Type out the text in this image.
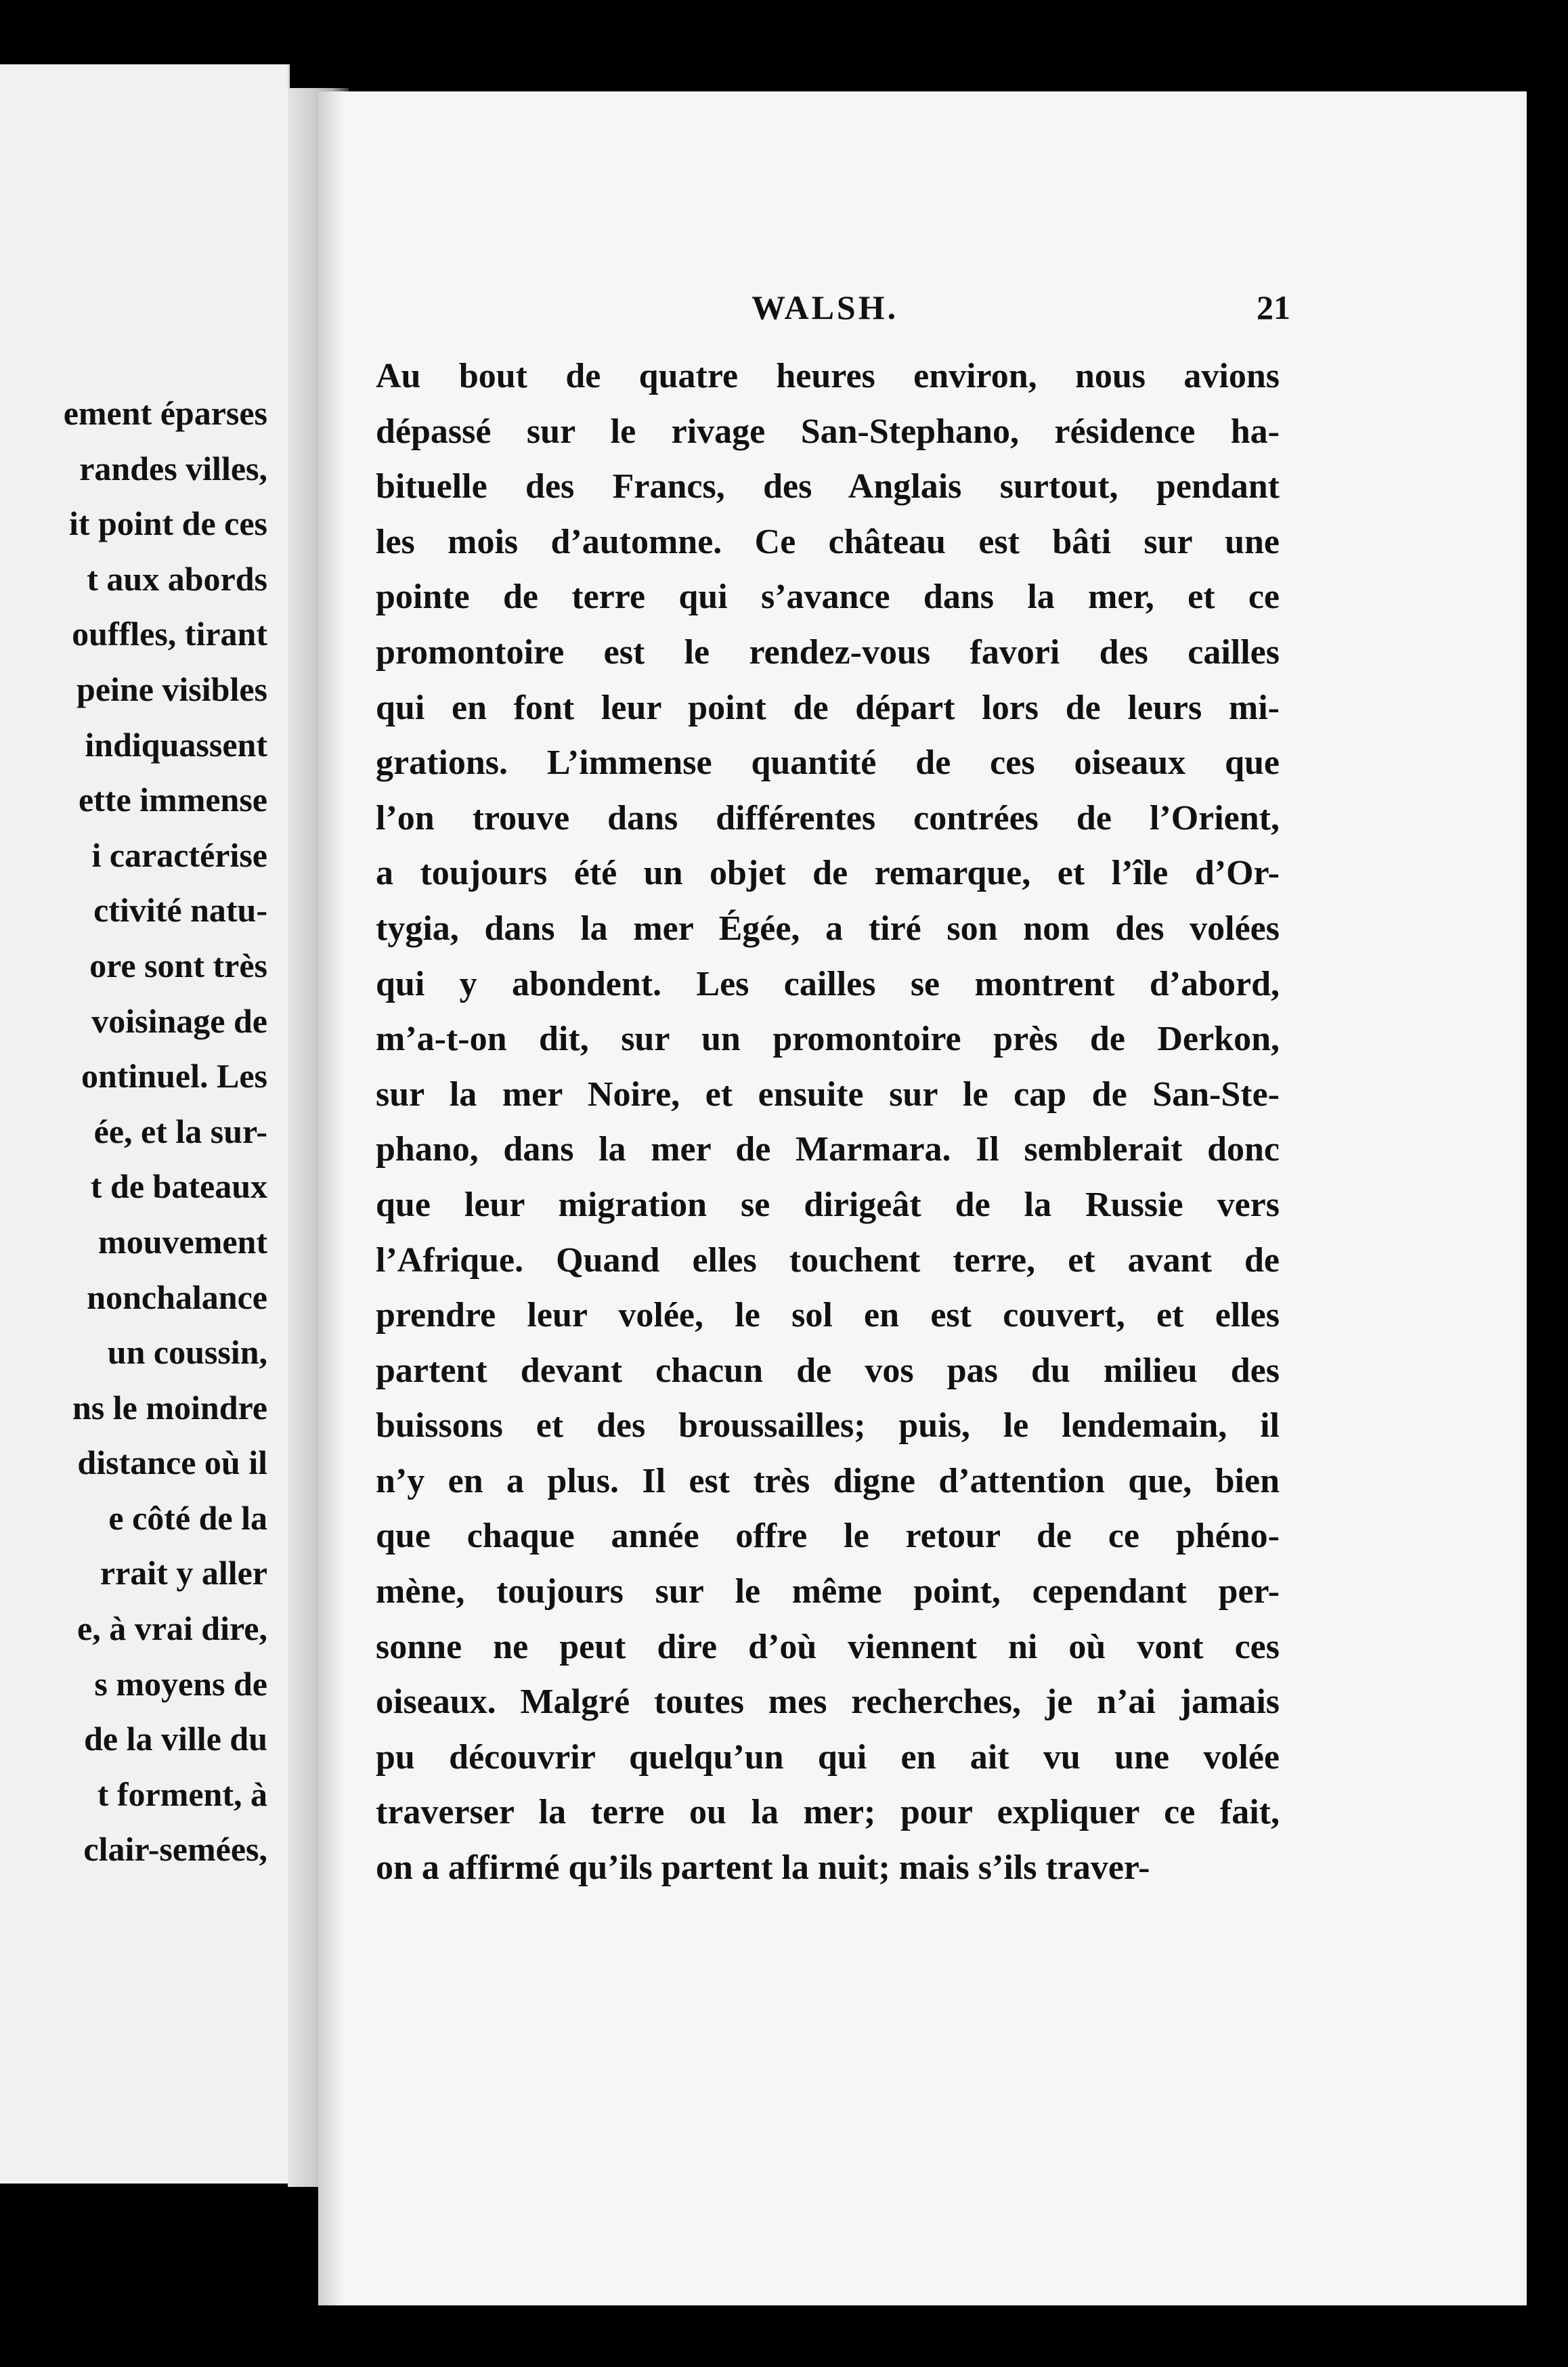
ement éparses
randes villes,
it point de ces
t aux abords
ouffles, tirant
peine visibles
indiquassent
ette immense
i caractérise
ctivité natu-
ore sont très
voisinage de
ontinuel. Les
ée, et la sur-
t de bateaux
mouvement
nonchalance
un coussin,
ns le moindre
distance où il
e côté de la
rrait y aller
e, à vrai dire,
s moyens de
de la ville du
t forment, à
clair-semées,
WALSH.	21
Au bout de quatre heures environ, nous avions
dépassé sur le rivage San-Stephano, résidence ha-
bituelle des Francs, des Anglais surtout, pendant
les mois d’automne. Ce château est bâti sur une
pointe de terre qui s’avance dans la mer, et ce
promontoire est le rendez-vous favori des cailles
qui en font leur point de départ lors de leurs mi-
grations. L’immense quantité de ces oiseaux que
l’on trouve dans différentes contrées de l’Orient,
a toujours été un objet de remarque, et l’île d’Or-
tygia, dans la mer Égée, a tiré son nom des volées
qui y abondent. Les cailles se montrent d’abord,
m’a-t-on dit, sur un promontoire près de Derkon,
sur la mer Noire, et ensuite sur le cap de San-Ste-
phano, dans la mer de Marmara. Il semblerait donc
que leur migration se dirigeât de la Russie vers
l’Afrique. Quand elles touchent terre, et avant de
prendre leur volée, le sol en est couvert, et elles
partent devant chacun de vos pas du milieu des
buissons et des broussailles; puis, le lendemain, il
n’y en a plus. Il est très digne d’attention que, bien
que chaque année offre le retour de ce phéno-
mène, toujours sur le même point, cependant per-
sonne ne peut dire d’où viennent ni où vont ces
oiseaux. Malgré toutes mes recherches, je n’ai jamais
pu découvrir quelqu’un qui en ait vu une volée
traverser la terre ou la mer; pour expliquer ce fait,
on a affirmé qu’ils partent la nuit; mais s’ils traver-
